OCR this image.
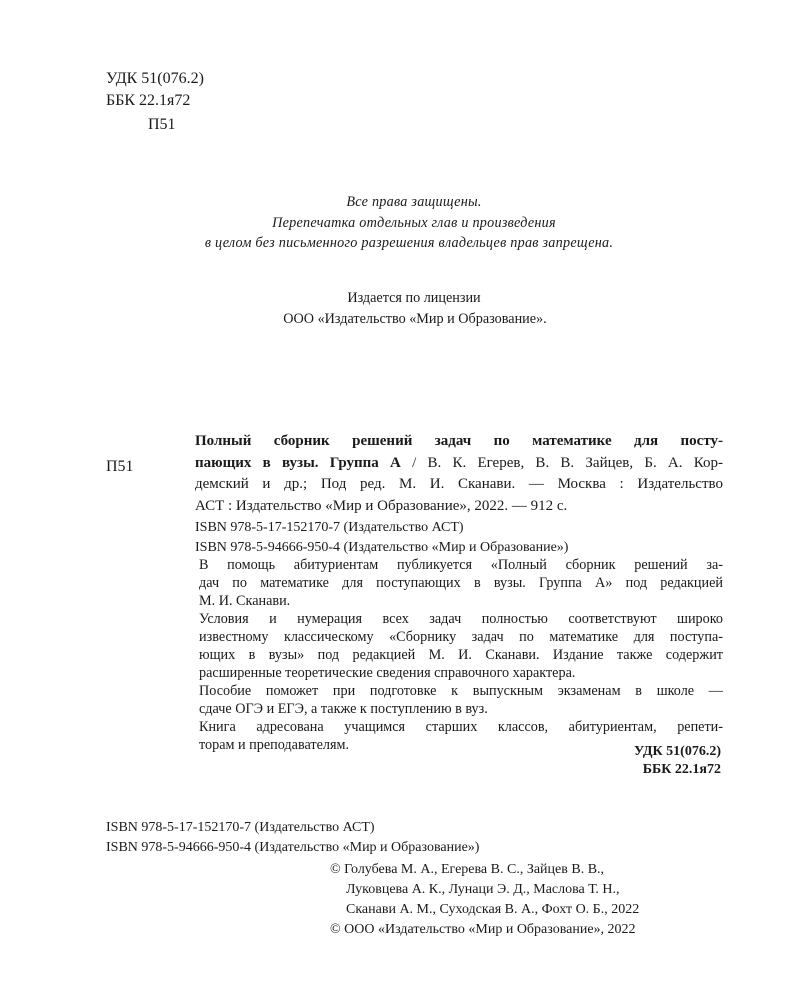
УДК 51(076.2)
ББК 22.1я72
П51
Все права защищены.
Перепечатка отдельных глав и произведения
в целом без письменного разрешения владельцев прав запрещена.
Издается по лицензии
ООО «Издательство «Мир и Образование».
П51
Полный сборник решений задач по математике для посту-
пающих в вузы. Группа А / В. К. Егерев, В. В. Зайцев, Б. А. Кор-
демский и др.; Под ред. М. И. Сканави. — Москва : Издательство
АСТ : Издательство «Мир и Образование», 2022. — 912 с.
ISBN 978-5-17-152170-7 (Издательство АСТ)
ISBN 978-5-94666-950-4 (Издательство «Мир и Образование»)
В помощь абитуриентам публикуется «Полный сборник решений за-
дач по математике для поступающих в вузы. Группа А» под редакцией
М. И. Сканави.
Условия и нумерация всех задач полностью соответствуют широко
известному классическому «Сборнику задач по математике для поступа-
ющих в вузы» под редакцией М. И. Сканави. Издание также содержит
расширенные теоретические сведения справочного характера.
Пособие поможет при подготовке к выпускным экзаменам в школе —
сдаче ОГЭ и ЕГЭ, а также к поступлению в вуз.
Книга адресована учащимся старших классов, абитуриентам, репети-
торам и преподавателям.	УДК 51(076.2)
ББК 22.1я72
ISBN 978-5-17-152170-7 (Издательство АСТ)
ISBN 978-5-94666-950-4 (Издательство «Мир и Образование»)
© Голубева М. А., Егерева В. С., Зайцев В. В.,
Луковцева А. К., Лунаци Э. Д., Маслова Т. Н.,
Сканави А. М., Суходская В. А., Фохт О. Б., 2022
© ООО «Издательство «Мир и Образование», 2022
